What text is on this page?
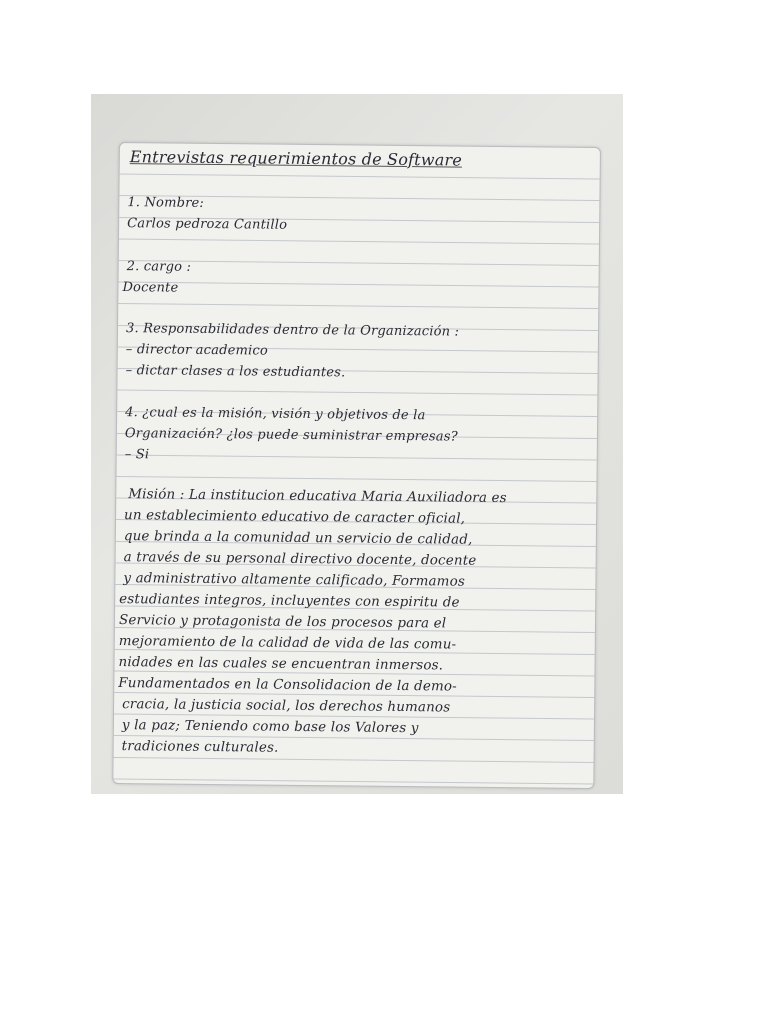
Entrevistas requerimientos de Software
1. Nombre:
Carlos pedroza Cantillo
2. cargo :
Docente
3. Responsabilidades dentro de la Organización :
– director academico
– dictar clases a los estudiantes.
4. ¿cual es la misión, visión y objetivos de la
Organización? ¿los puede suministrar empresas?
– Si
Misión : La institucion educativa Maria Auxiliadora es
un establecimiento educativo de caracter oficial,
que brinda a la comunidad un servicio de calidad,
a través de su personal directivo docente, docente
y administrativo altamente calificado, Formamos
estudiantes integros, incluyentes con espiritu de
Servicio y protagonista de los procesos para el
mejoramiento de la calidad de vida de las comu-
nidades en las cuales se encuentran inmersos.
Fundamentados en la Consolidacion de la demo-
cracia, la justicia social, los derechos humanos
y la paz; Teniendo como base los Valores y
tradiciones culturales.
